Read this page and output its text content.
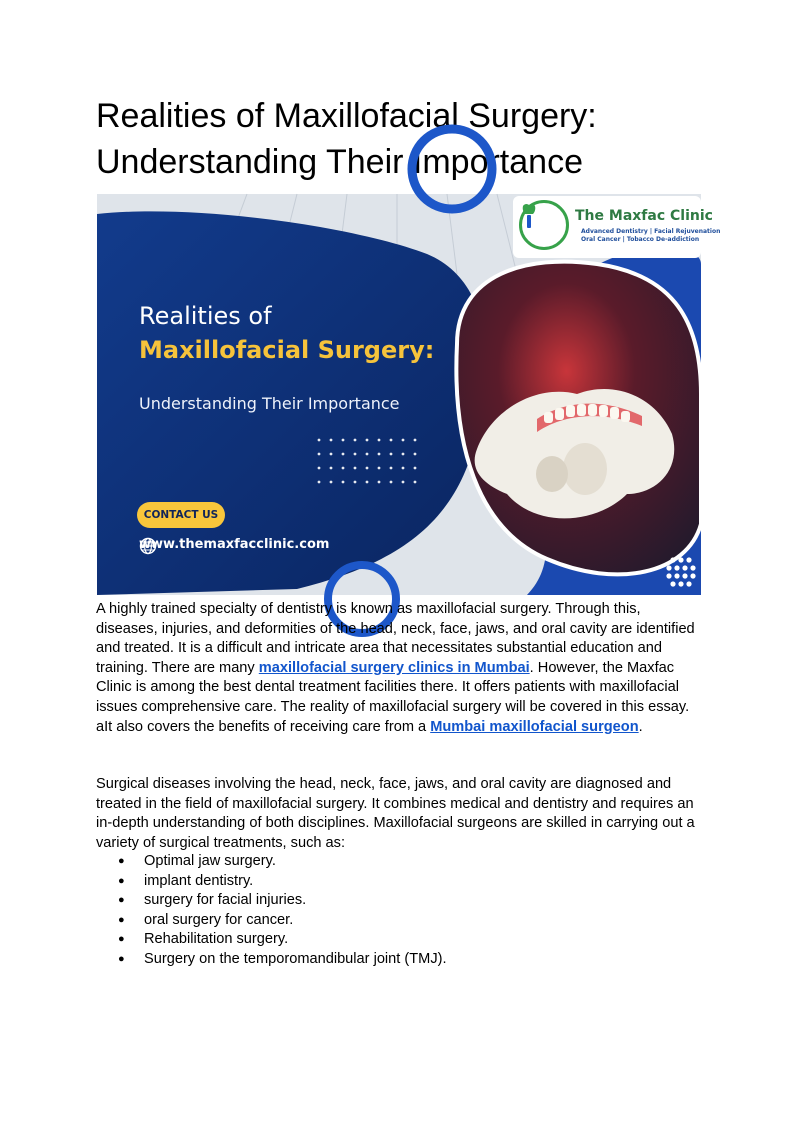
Realities of Maxillofacial Surgery:
Understanding Their Importance
The Maxfac Clinic
Advanced Dentistry | Facial Rejuvenation
Oral Cancer | Tobacco De-addiction
Realities of
Maxillofacial Surgery:
Understanding Their Importance
CONTACT US
www.themaxfacclinic.com

A highly trained specialty of dentistry is known as maxillofacial surgery. Through this, diseases, injuries, and deformities of the head, neck, face, jaws, and oral cavity are identified and treated. It is a difficult and intricate area that necessitates substantial education and training. There are many maxillofacial surgery clinics in Mumbai. However, the Maxfac Clinic is among the best dental treatment facilities there. It offers patients with maxillofacial issues comprehensive care. The reality of maxillofacial surgery will be covered in this essay. aIt also covers the benefits of receiving care from a Mumbai maxillofacial surgeon.

Surgical diseases involving the head, neck, face, jaws, and oral cavity are diagnosed and treated in the field of maxillofacial surgery. It combines medical and dentistry and requires an in-depth understanding of both disciplines. Maxillofacial surgeons are skilled in carrying out a variety of surgical treatments, such as:

● Optimal jaw surgery.
● implant dentistry.
● surgery for facial injuries.
● oral surgery for cancer.
● Rehabilitation surgery.
● Surgery on the temporomandibular joint (TMJ).
